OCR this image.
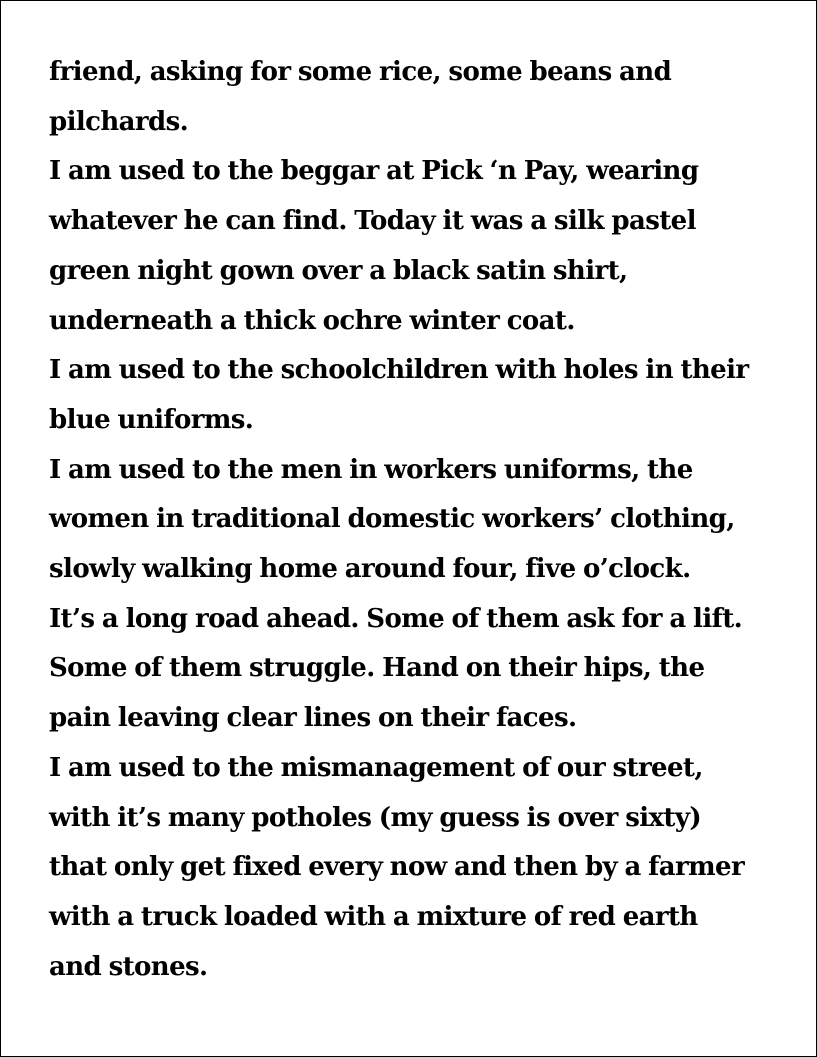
friend, asking for some rice, some beans and
pilchards.
I am used to the beggar at Pick ‘n Pay, wearing
whatever he can find. Today it was a silk pastel
green night gown over a black satin shirt,
underneath a thick ochre winter coat.
I am used to the schoolchildren with holes in their
blue uniforms.
I am used to the men in workers uniforms, the
women in traditional domestic workers’ clothing,
slowly walking home around four, five o’clock.
It’s a long road ahead. Some of them ask for a lift.
Some of them struggle. Hand on their hips, the
pain leaving clear lines on their faces.
I am used to the mismanagement of our street,
with it’s many potholes (my guess is over sixty)
that only get fixed every now and then by a farmer
with a truck loaded with a mixture of red earth
and stones.
